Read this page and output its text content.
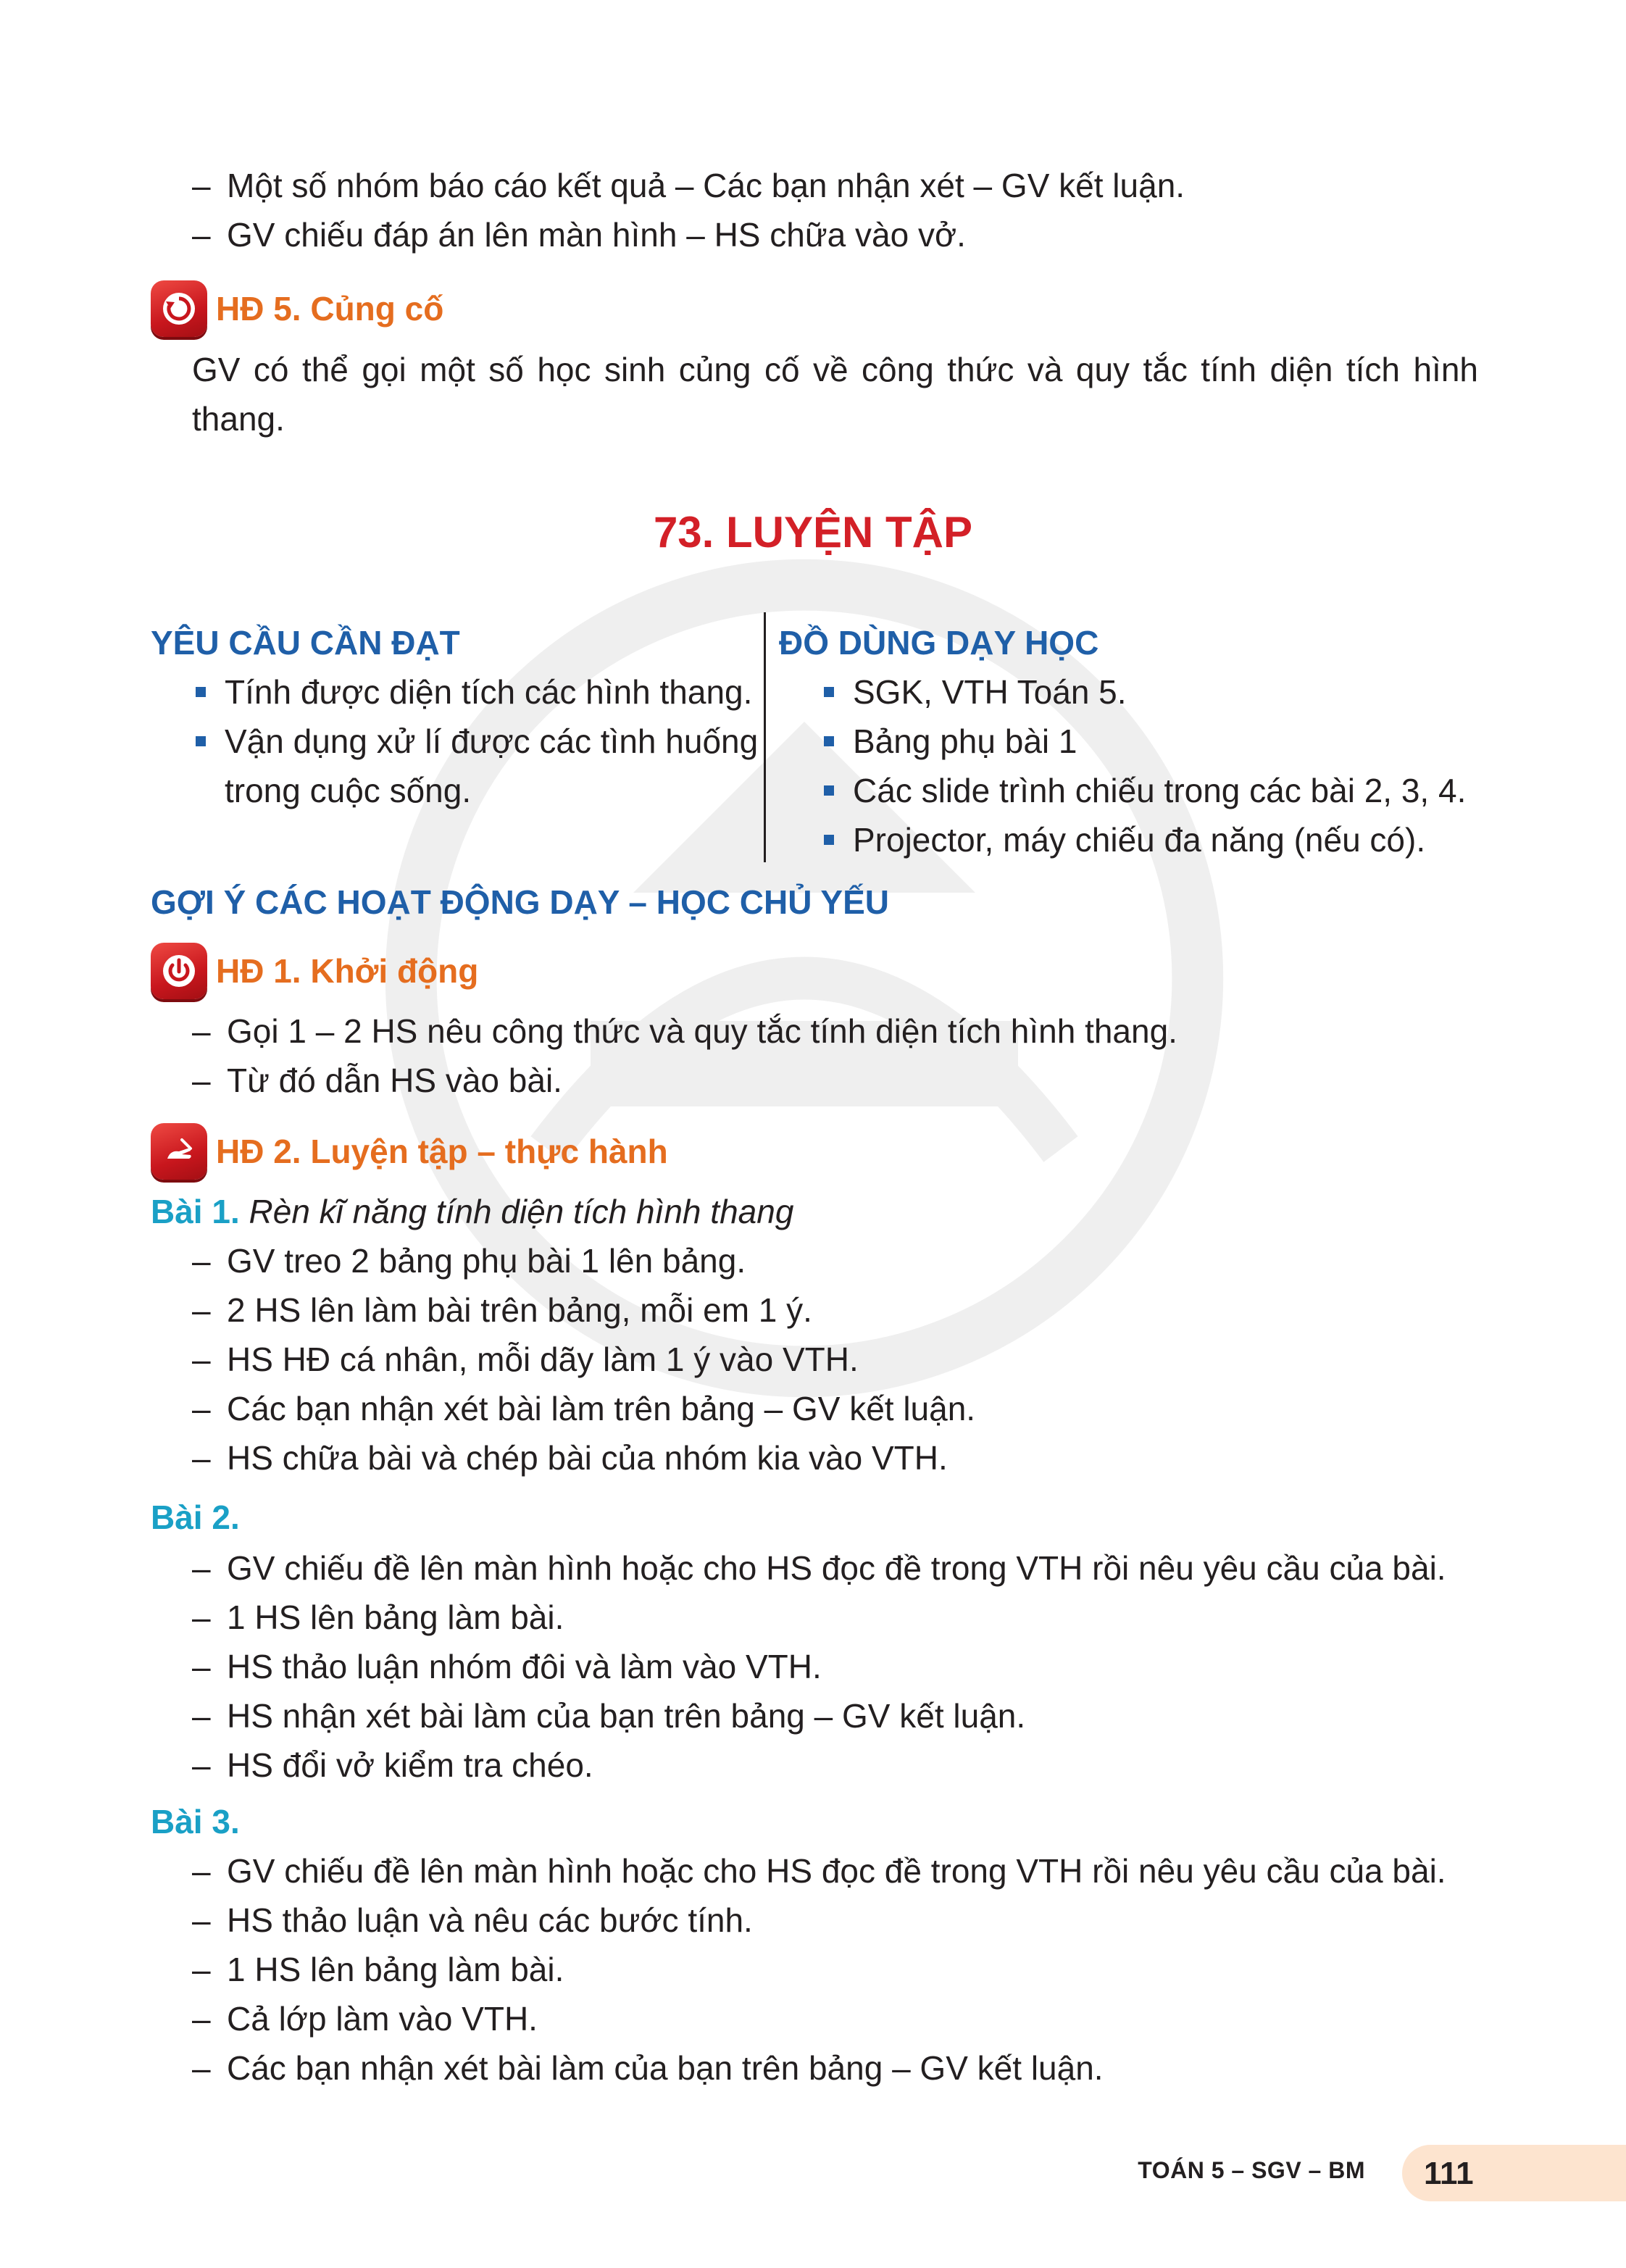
– Một số nhóm báo cáo kết quả – Các bạn nhận xét – GV kết luận.
– GV chiếu đáp án lên màn hình – HS chữa vào vở.
HĐ 5. Củng cố
GV có thể gọi một số học sinh củng cố về công thức và quy tắc tính diện tích hình thang.
73. LUYỆN TẬP
YÊU CẦU CẦN ĐẠT
Tính được diện tích các hình thang.
Vận dụng xử lí được các tình huống trong cuộc sống.
ĐỒ DÙNG DẠY HỌC
SGK, VTH Toán 5.
Bảng phụ bài 1
Các slide trình chiếu trong các bài 2, 3, 4.
Projector, máy chiếu đa năng (nếu có).
GỢI Ý CÁC HOẠT ĐỘNG DẠY – HỌC CHỦ YẾU
HĐ 1. Khởi động
– Gọi 1 – 2 HS nêu công thức và quy tắc tính diện tích hình thang.
– Từ đó dẫn HS vào bài.
HĐ 2. Luyện tập – thực hành
Bài 1. Rèn kĩ năng tính diện tích hình thang
– GV treo 2 bảng phụ bài 1 lên bảng.
– 2 HS lên làm bài trên bảng, mỗi em 1 ý.
– HS HĐ cá nhân, mỗi dãy làm 1 ý vào VTH.
– Các bạn nhận xét bài làm trên bảng – GV kết luận.
– HS chữa bài và chép bài của nhóm kia vào VTH.
Bài 2.
– GV chiếu đề lên màn hình hoặc cho HS đọc đề trong VTH rồi nêu yêu cầu của bài.
– 1 HS lên bảng làm bài.
– HS thảo luận nhóm đôi và làm vào VTH.
– HS nhận xét bài làm của bạn trên bảng – GV kết luận.
– HS đổi vở kiểm tra chéo.
Bài 3.
– GV chiếu đề lên màn hình hoặc cho HS đọc đề trong VTH rồi nêu yêu cầu của bài.
– HS thảo luận và nêu các bước tính.
– 1 HS lên bảng làm bài.
– Cả lớp làm vào VTH.
– Các bạn nhận xét bài làm của bạn trên bảng – GV kết luận.
TOÁN 5 – SGV – BM 111
